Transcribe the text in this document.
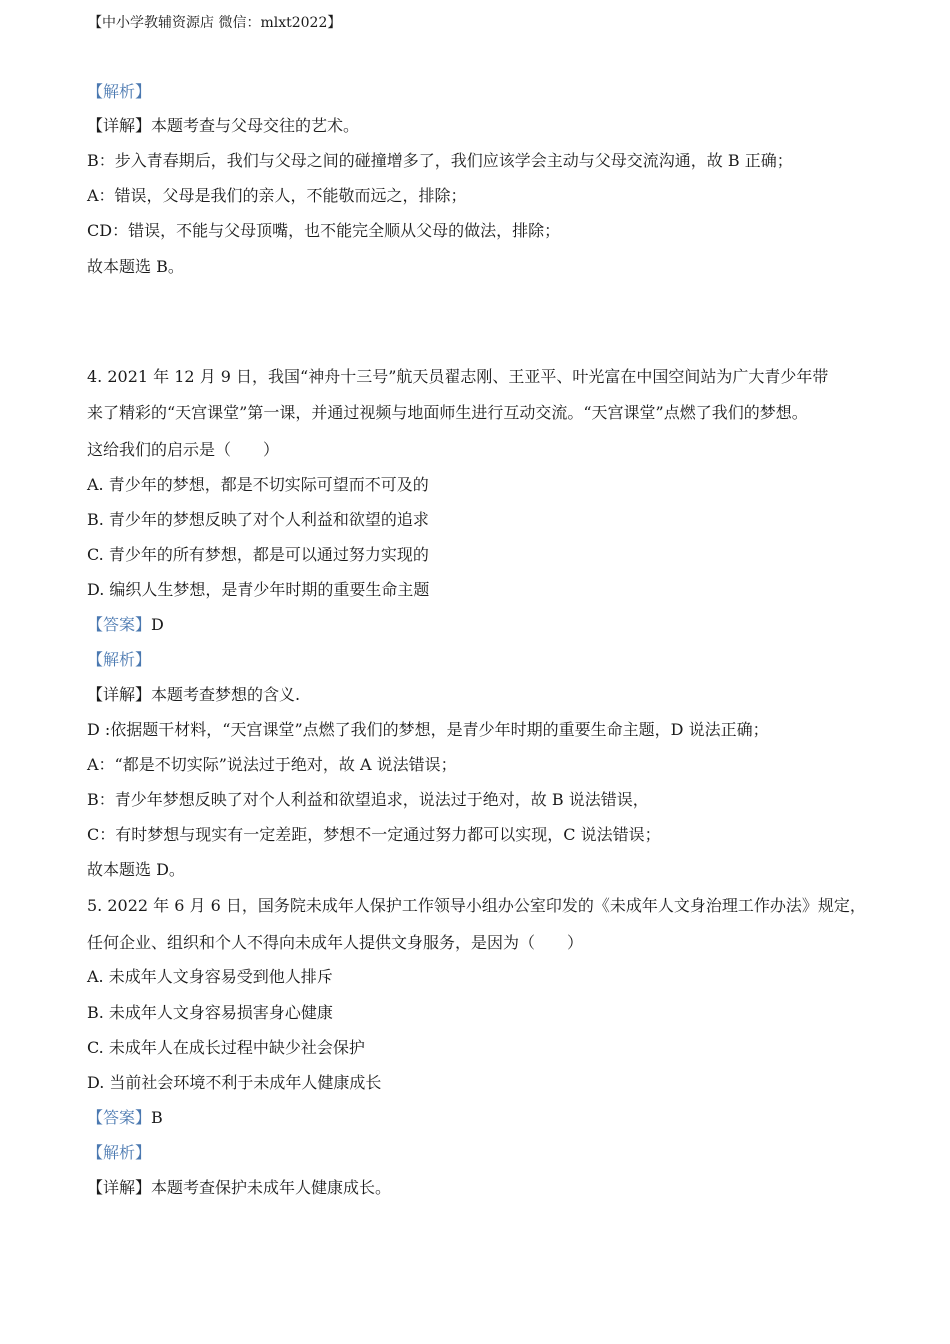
【中小学教辅资源店 微信：mlxt2022】
【解析】
【详解】本题考查与父母交往的艺术。
B：步入青春期后，我们与父母之间的碰撞增多了，我们应该学会主动与父母交流沟通，故 B 正确；
A：错误，父母是我们的亲人，不能敬而远之，排除；
CD：错误，不能与父母顶嘴，也不能完全顺从父母的做法，排除；
故本题选 B。
4. 2021 年 12 月 9 日，我国“神舟十三号”航天员翟志刚、王亚平、叶光富在中国空间站为广大青少年带
来了精彩的“天宫课堂”第一课，并通过视频与地面师生进行互动交流。“天宫课堂”点燃了我们的梦想。
这给我们的启示是（　　）
A. 青少年的梦想，都是不切实际可望而不可及的
B. 青少年的梦想反映了对个人利益和欲望的追求
C. 青少年的所有梦想，都是可以通过努力实现的
D. 编织人生梦想，是青少年时期的重要生命主题
【答案】D
【解析】
【详解】本题考查梦想的含义.
D :依据题干材料，“天宫课堂”点燃了我们的梦想，是青少年时期的重要生命主题，D 说法正确；
A：“都是不切实际”说法过于绝对，故 A 说法错误；
B：青少年梦想反映了对个人利益和欲望追求，说法过于绝对，故 B 说法错误，
C：有时梦想与现实有一定差距，梦想不一定通过努力都可以实现，C 说法错误；
故本题选 D。
5. 2022 年 6 月 6 日，国务院未成年人保护工作领导小组办公室印发的《未成年人文身治理工作办法》规定，
任何企业、组织和个人不得向未成年人提供文身服务，是因为（　　）
A. 未成年人文身容易受到他人排斥
B. 未成年人文身容易损害身心健康
C. 未成年人在成长过程中缺少社会保护
D. 当前社会环境不利于未成年人健康成长
【答案】B
【解析】
【详解】本题考查保护未成年人健康成长。
